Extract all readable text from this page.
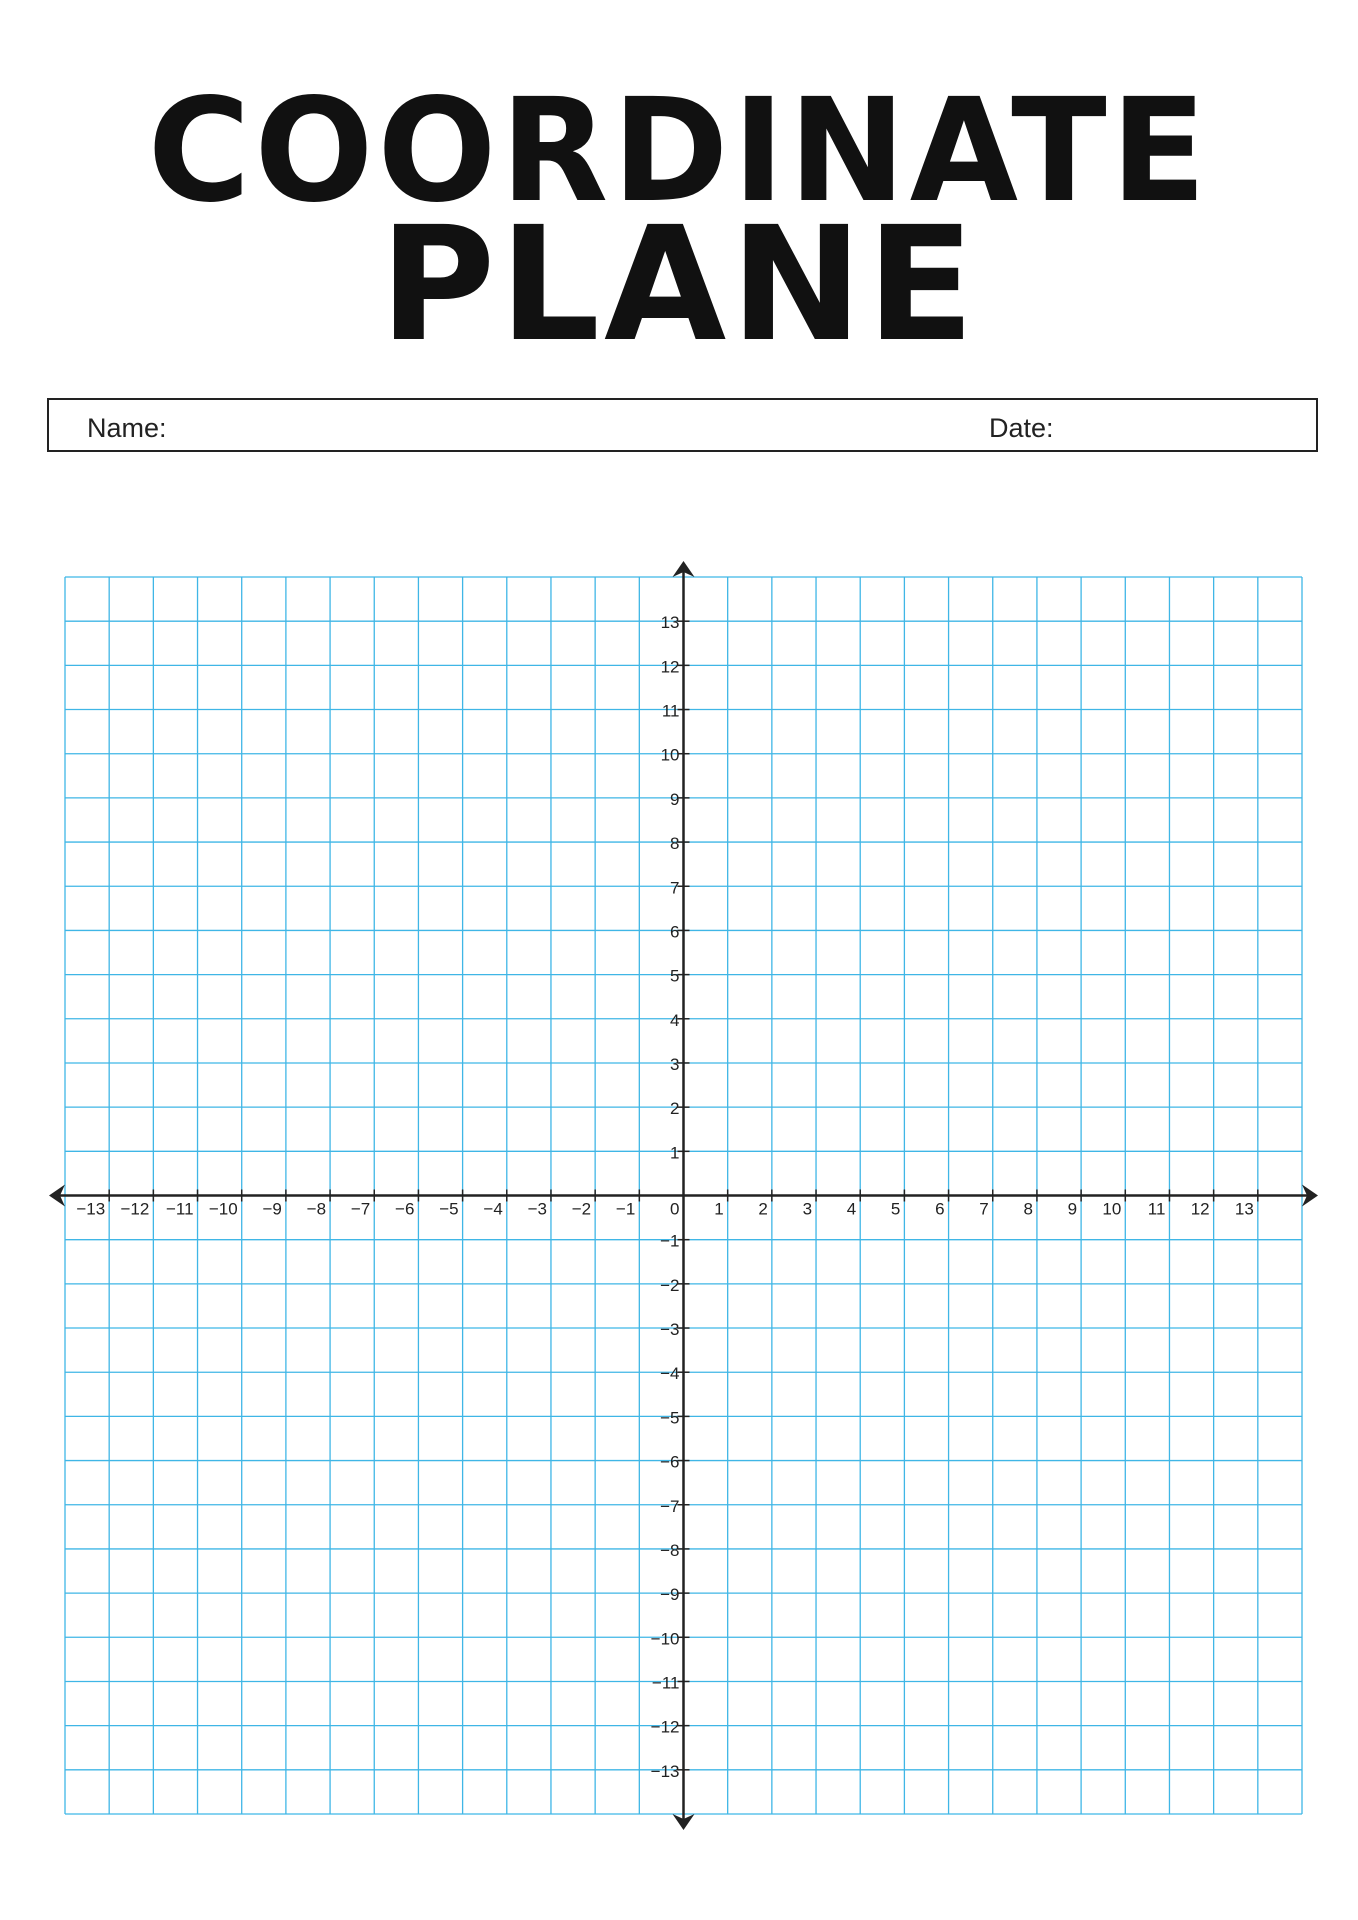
COORDINATE
PLANE
Name:	Date:
−13 −12 −11 −10 −9 −8 −7 −6 −5 −4 −3 −2 −1 0 1 2 3 4 5 6 7 8 9 10 11 12 13
13
12
11
10
9
8
7
6
5
4
3
2
1
−1
−2
−3
−4
−5
−6
−7
−8
−9
−10
−11
−12
−13
